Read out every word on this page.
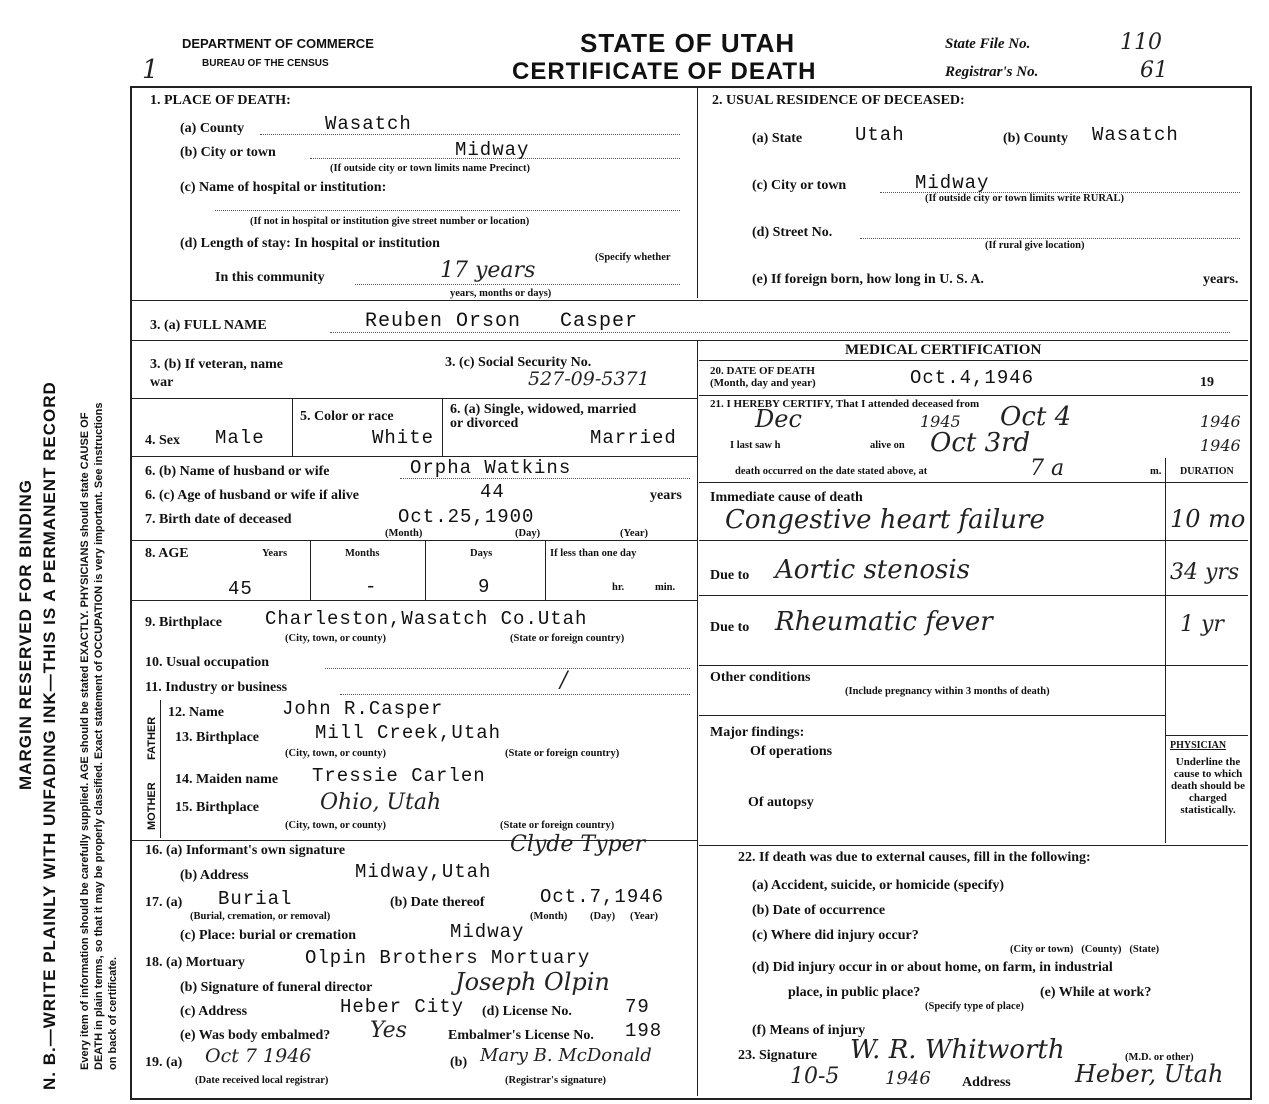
N. B.—WRITE PLAINLY WITH UNFADING INK—THIS IS A PERMANENT RECORD
MARGIN RESERVED FOR BINDING	Every item of information should be carefully supplied. AGE should be stated EXACTLY. PHYSICIANS should state CAUSE OF DEATH in plain terms, so that it may be properly classified. Exact statement of OCCUPATION is very important. See instructions on back of certificate.
1
DEPARTMENT OF COMMERCE
BUREAU OF THE CENSUS
STATE OF UTAH
CERTIFICATE OF DEATH
State File No.	110
Registrar's No.	61
1. PLACE OF DEATH:
(a) County	Wasatch
(b) City or town	Midway
(If outside city or town limits name Precinct)
(c) Name of hospital or institution:
(If not in hospital or institution give street number or location)
(d) Length of stay: In hospital or institution
(Specify whether
In this community	17 years
years, months or days)
2. USUAL RESIDENCE OF DECEASED:
(a) State	Utah	(b) County Wasatch
(c) City or town	Midway
(If outside city or town limits write RURAL)
(d) Street No.
(If rural give location)
(e) If foreign born, how long in U. S. A.	years.
3. (a) FULL NAME	Reuben Orson   Casper
3. (b) If veteran, name war
3. (c) Social Security No.
527-09-5371
4. Sex Male
5. Color or race
White
6. (a) Single, widowed, married or divorced
Married
6. (b) Name of husband or wife	Orpha Watkins
6. (c) Age of husband or wife if alive	44	years
7. Birth date of deceased	Oct.25,1900
(Month)	(Day)	(Year)
8. AGE	Years	Months	Days	If less than one day
45	-	9	hr.	min.
9. Birthplace Charleston,Wasatch Co.Utah
(City, town, or county)	(State or foreign country)
10. Usual occupation
11. Industry or business	/
FATHER
MOTHER
12. Name	John R.Casper
13. Birthplace	Mill Creek,Utah
(City, town, or county)	(State or foreign country)
14. Maiden name Tressie Carlen
15. Birthplace	Ohio, Utah
(City, town, or county)	(State or foreign country)
16. (a) Informant's own signature	Clyde Typer
(b) Address	Midway,Utah
17. (a) Burial
(Burial, cremation, or removal)
(b) Date thereof	Oct.7,1946
(Month) (Day) (Year)
(c) Place: burial or cremation	Midway
18. (a) Mortuary	Olpin Brothers Mortuary
(b) Signature of funeral director	Joseph Olpin
(c) Address	Heber City (d) License No.	79
(e) Was body embalmed? Yes	Embalmer's License No. 198
19. (a) Oct 7 1946
(Date received local registrar)
(b) Mary B. McDonald
(Registrar's signature)
MEDICAL CERTIFICATION
20. DATE OF DEATH (Month, day and year)	Oct.4,1946	19
21. I HEREBY CERTIFY, That I attended deceased from
Dec	1945 Oct 4	1946
I last saw h	alive on Oct 3rd	1946
death occurred on the date stated above, at	7 a	m. DURATION
Immediate cause of death
Congestive heart failure	10 mo
Due to Aortic stenosis	34 yrs
Due to Rheumatic fever	1 yr
Other conditions
(Include pregnancy within 3 months of death)
Major findings:
Of operations
Of autopsy
PHYSICIAN
Underline the cause to which death should be charged statistically.
22. If death was due to external causes, fill in the following:
(a) Accident, suicide, or homicide (specify)
(b) Date of occurrence
(c) Where did injury occur?
(City or town)   (County)   (State)
(d) Did injury occur in or about home, on farm, in industrial
place, in public place?
(Specify type of place)
(e) While at work?
(f) Means of injury
23. Signature W. R. Whitworth	(M.D. or other)
10-5	1946 Address	Heber, Utah
